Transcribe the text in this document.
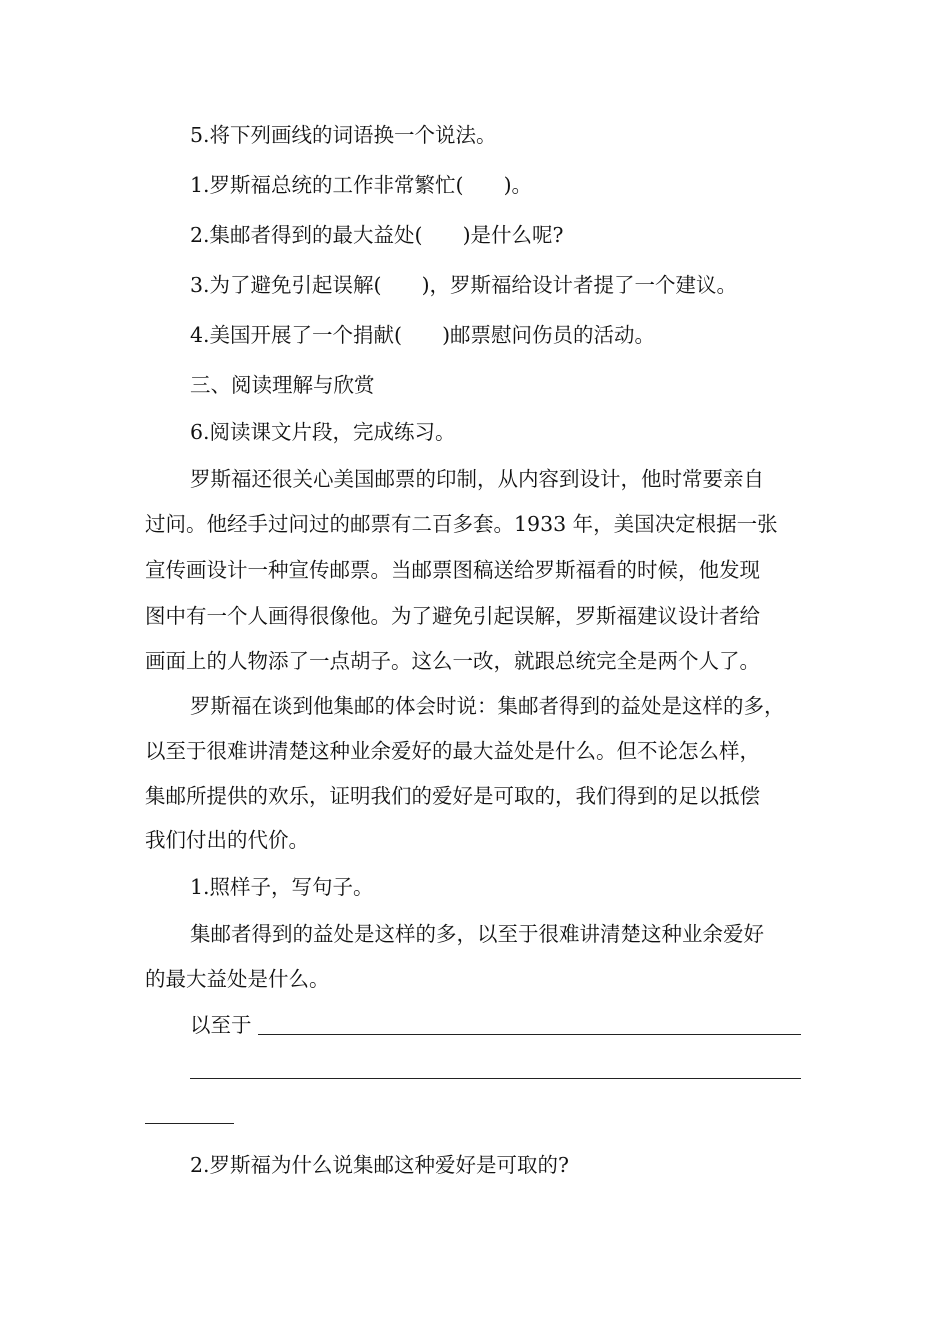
5.将下列画线的词语换一个说法。
1.罗斯福总统的工作非常繁忙( )。
2.集邮者得到的最大益处( )是什么呢?
3.为了避免引起误解( )，罗斯福给设计者提了一个建议。
4.美国开展了一个捐献( )邮票慰问伤员的活动。
三、阅读理解与欣赏
6.阅读课文片段，完成练习。
罗斯福还很关心美国邮票的印制，从内容到设计，他时常要亲自
过问。他经手过问过的邮票有二百多套。1933 年，美国决定根据一张
宣传画设计一种宣传邮票。当邮票图稿送给罗斯福看的时候，他发现
图中有一个人画得很像他。为了避免引起误解，罗斯福建议设计者给
画面上的人物添了一点胡子。这么一改，就跟总统完全是两个人了。
罗斯福在谈到他集邮的体会时说：集邮者得到的益处是这样的多，
以至于很难讲清楚这种业余爱好的最大益处是什么。但不论怎么样，
集邮所提供的欢乐，证明我们的爱好是可取的，我们得到的足以抵偿
我们付出的代价。
1.照样子，写句子。
集邮者得到的益处是这样的多，以至于很难讲清楚这种业余爱好
的最大益处是什么。
以至于
2.罗斯福为什么说集邮这种爱好是可取的?
